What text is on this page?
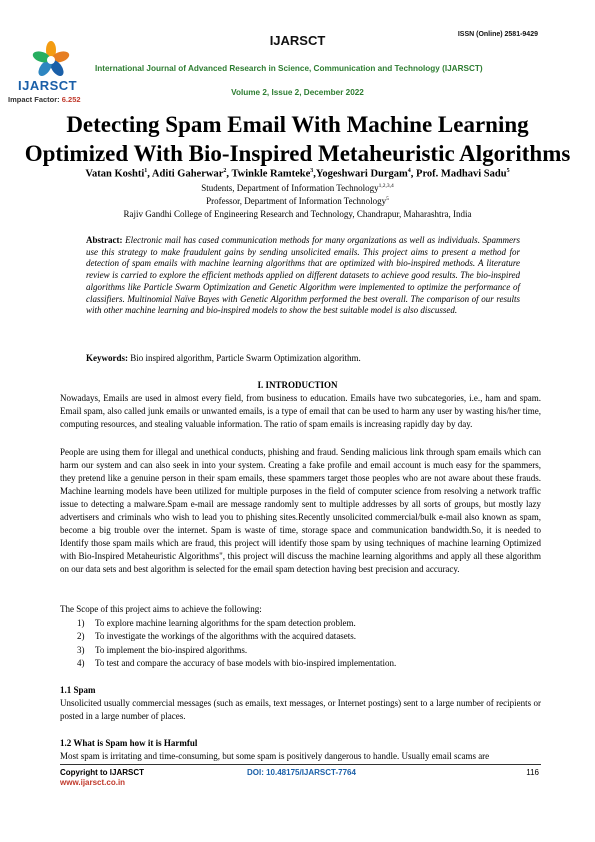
IJARSCT
Impact Factor: 6.252
IJARSCT	ISSN (Online) 2581-9429
International Journal of Advanced Research in Science, Communication and Technology (IJARSCT)
Volume 2, Issue 2, December 2022
Detecting Spam Email With Machine Learning Optimized With Bio-Inspired Metaheuristic Algorithms
Vatan Koshti$^1$, Aditi Gaherwar$^2$, Twinkle Ramteke$^3$,Yogeshwari Durgam$^4$, Prof. Madhavi Sadu$^5$
Students, Department of Information Technology$^{1,2,3,4}$
Professor, Department of Information Technology$^5$
Rajiv Gandhi College of Engineering Research and Technology, Chandrapur, Maharashtra, India
Abstract: Electronic mail has cased communication methods for many organizations as well as individuals. Spammers use this strategy to make fraudulent gains by sending unsolicited emails. This project aims to present a method for detection of spam emails with machine learning algorithms that are optimized with bio-inspired methods. A literature review is carried to explore the efficient methods applied on different datasets to achieve good results. The bio-inspired algorithms like Particle Swarm Optimization and Genetic Algorithm were implemented to optimize the performance of classifiers. Multinomial Naïve Bayes with Genetic Algorithm performed the best overall. The comparison of our results with other machine learning and bio-inspired models to show the best suitable model is also discussed.
Keywords: Bio inspired algorithm, Particle Swarm Optimization algorithm.
I. INTRODUCTION
Nowadays, Emails are used in almost every field, from business to education. Emails have two subcategories, i.e., ham and spam. Email spam, also called junk emails or unwanted emails, is a type of email that can be used to harm any user by wasting his/her time, computing resources, and stealing valuable information. The ratio of spam emails is increasing rapidly day by day.
People are using them for illegal and unethical conducts, phishing and fraud. Sending malicious link through spam emails which can harm our system and can also seek in into your system. Creating a fake profile and email account is much easy for the spammers, they pretend like a genuine person in their spam emails, these spammers target those peoples who are not aware about these frauds. Machine learning models have been utilized for multiple purposes in the field of computer science from resolving a network traffic issue to detecting a malware.Spam e-mail are message randomly sent to multiple addresses by all sorts of groups, but mostly lazy advertisers and criminals who wish to lead you to phishing sites.Recently unsolicited commercial/bulk e-mail also known as spam, become a big trouble over the internet. Spam is waste of time, storage space and communication bandwidth.So, it is needed to Identify those spam mails which are fraud, this project will identify those spam by using techniques of machine learning Optimized with Bio-Inspired Metaheuristic Algorithms", this project will discuss the machine learning algorithms and apply all these algorithm on our data sets and best algorithm is selected for the email spam detection having best precision and accuracy.
The Scope of this project aims to achieve the following:
1) To explore machine learning algorithms for the spam detection problem.
2) To investigate the workings of the algorithms with the acquired datasets.
3) To implement the bio-inspired algorithms.
4) To test and compare the accuracy of base models with bio-inspired implementation.
1.1 Spam
Unsolicited usually commercial messages (such as emails, text messages, or Internet postings) sent to a large number of recipients or posted in a large number of places.
1.2 What is Spam how it is Harmful
Most spam is irritating and time-consuming, but some spam is positively dangerous to handle. Usually email scams are
Copyright to IJARSCT
www.ijarsct.co.in
DOI: 10.48175/IJARSCT-7764	116
